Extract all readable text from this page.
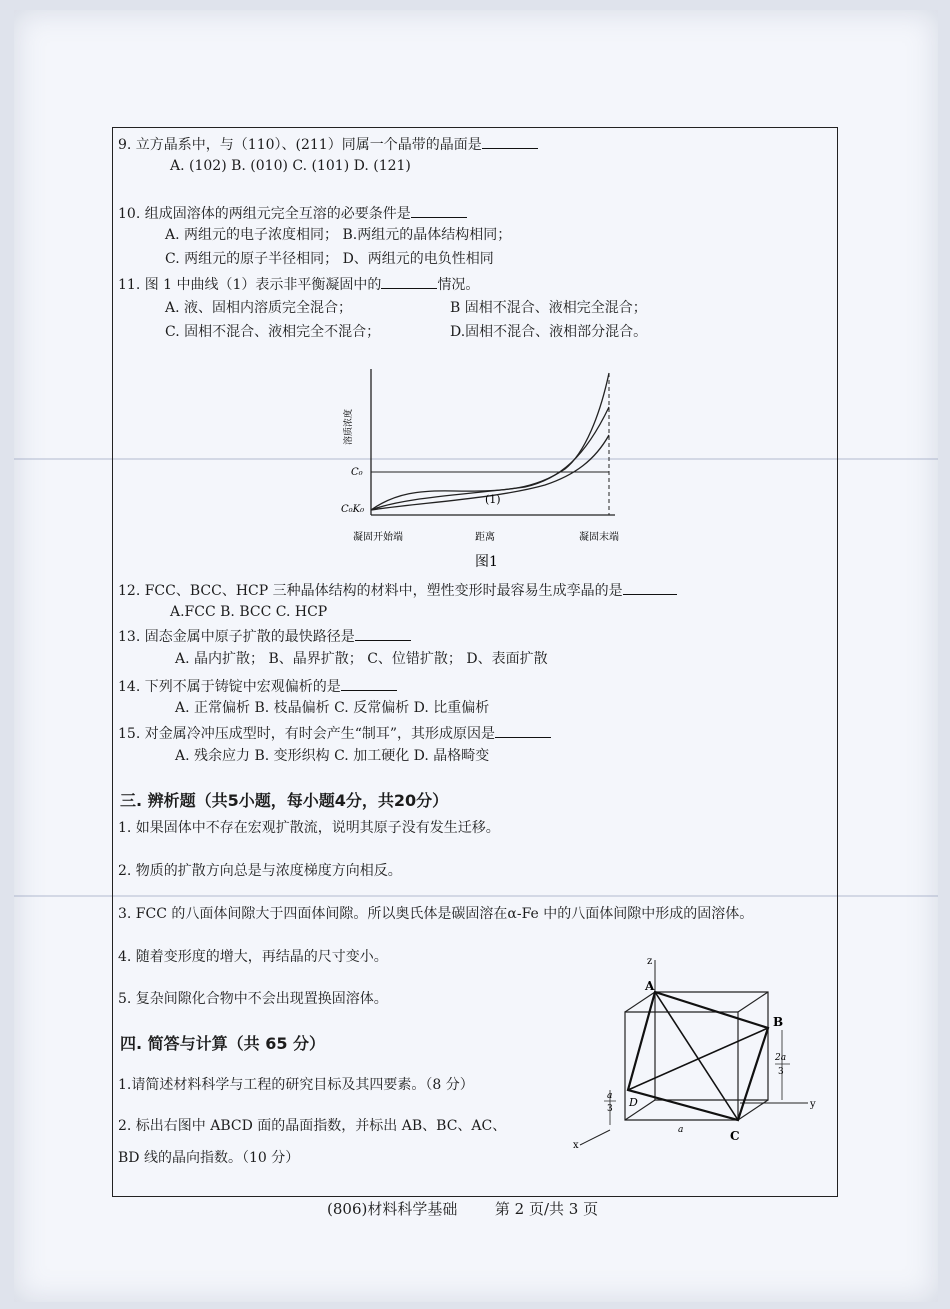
9. 立方晶系中，与（110）、(211）同属一个晶带的晶面是
A. (102) B. (010) C. (101) D. (121)
10. 组成固溶体的两组元完全互溶的必要条件是
A. 两组元的电子浓度相同； B.两组元的晶体结构相同；
C. 两组元的原子半径相同； D、两组元的电负性相同
11. 图 1 中曲线（1）表示非平衡凝固中的	情况。
A. 液、固相内溶质完全混合；	B 固相不混合、液相完全混合；
C. 固相不混合、液相完全不混合；	D.固相不混合、液相部分混合。
溶质浓度
C₀
C₀K₀
(1)
凝固开始端	距离	凝固末端
图1
12. FCC、BCC、HCP 三种晶体结构的材料中，塑性变形时最容易生成孪晶的是
A.FCC B. BCC C. HCP
13. 固态金属中原子扩散的最快路径是
A. 晶内扩散； B、晶界扩散； C、位错扩散； D、表面扩散
14. 下列不属于铸锭中宏观偏析的是
A. 正常偏析 B. 枝晶偏析 C. 反常偏析 D. 比重偏析
15. 对金属冷冲压成型时，有时会产生“制耳”，其形成原因是
A. 残余应力 B. 变形织构 C. 加工硬化 D. 晶格畸变
三. 辨析题（共5小题，每小题4分，共20分）
1. 如果固体中不存在宏观扩散流，说明其原子没有发生迁移。
2. 物质的扩散方向总是与浓度梯度方向相反。
3. FCC 的八面体间隙大于四面体间隙。所以奥氏体是碳固溶在α-Fe 中的八面体间隙中形成的固溶体。
4. 随着变形度的增大，再结晶的尺寸变小。
5. 复杂间隙化合物中不会出现置换固溶体。
四. 简答与计算（共 65 分）
1.请简述材料科学与工程的研究目标及其四要素。（8 分）
2. 标出右图中 ABCD 面的晶面指数，并标出 AB、BC、AC、
BD 线的晶向指数。（10 分）
z
y
x
A
B
C
D
2a
3
a
3
a
(806)材料科学基础	第 2 页/共 3 页
